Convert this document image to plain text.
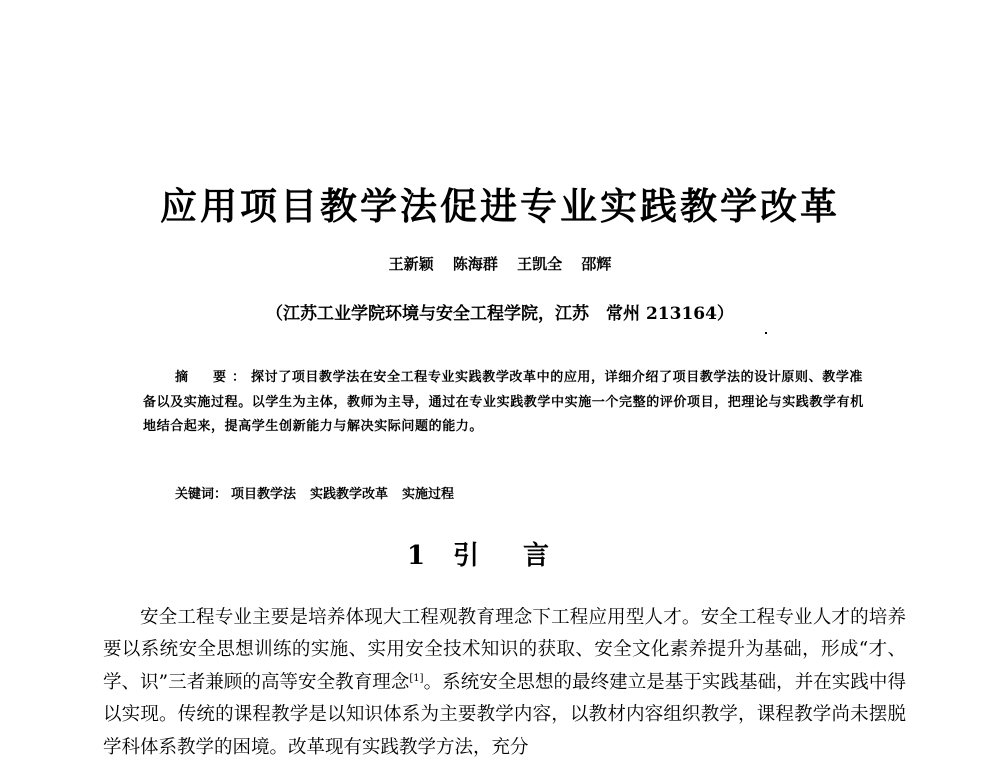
应用项目教学法促进专业实践教学改革
王新颖 陈海群 王凯全 邵辉
（江苏工业学院环境与安全工程学院，江苏　常州 213164）
摘　要：探讨了项目教学法在安全工程专业实践教学改革中的应用，详细介绍了项目教学法的设计原则、教学准备以及实施过程。以学生为主体，教师为主导，通过在专业实践教学中实施一个完整的评价项目，把理论与实践教学有机地结合起来，提高学生创新能力与解决实际问题的能力。
关键词： 项目教学法 实践教学改革 实施过程
1 引言

安全工程专业主要是培养体现大工程观教育理念下工程应用型人才。安全工程专业人才的培养要以系统安全思想训练的实施、实用安全技术知识的获取、安全文化素养提升为基础，形成“才、学、识”三者兼顾的高等安全教育理念[1]。系统安全思想的最终建立是基于实践基础，并在实践中得以实现。传统的课程教学是以知识体系为主要教学内容，以教材内容组织教学，课程教学尚未摆脱学科体系教学的困境。改革现有实践教学方法，充分
